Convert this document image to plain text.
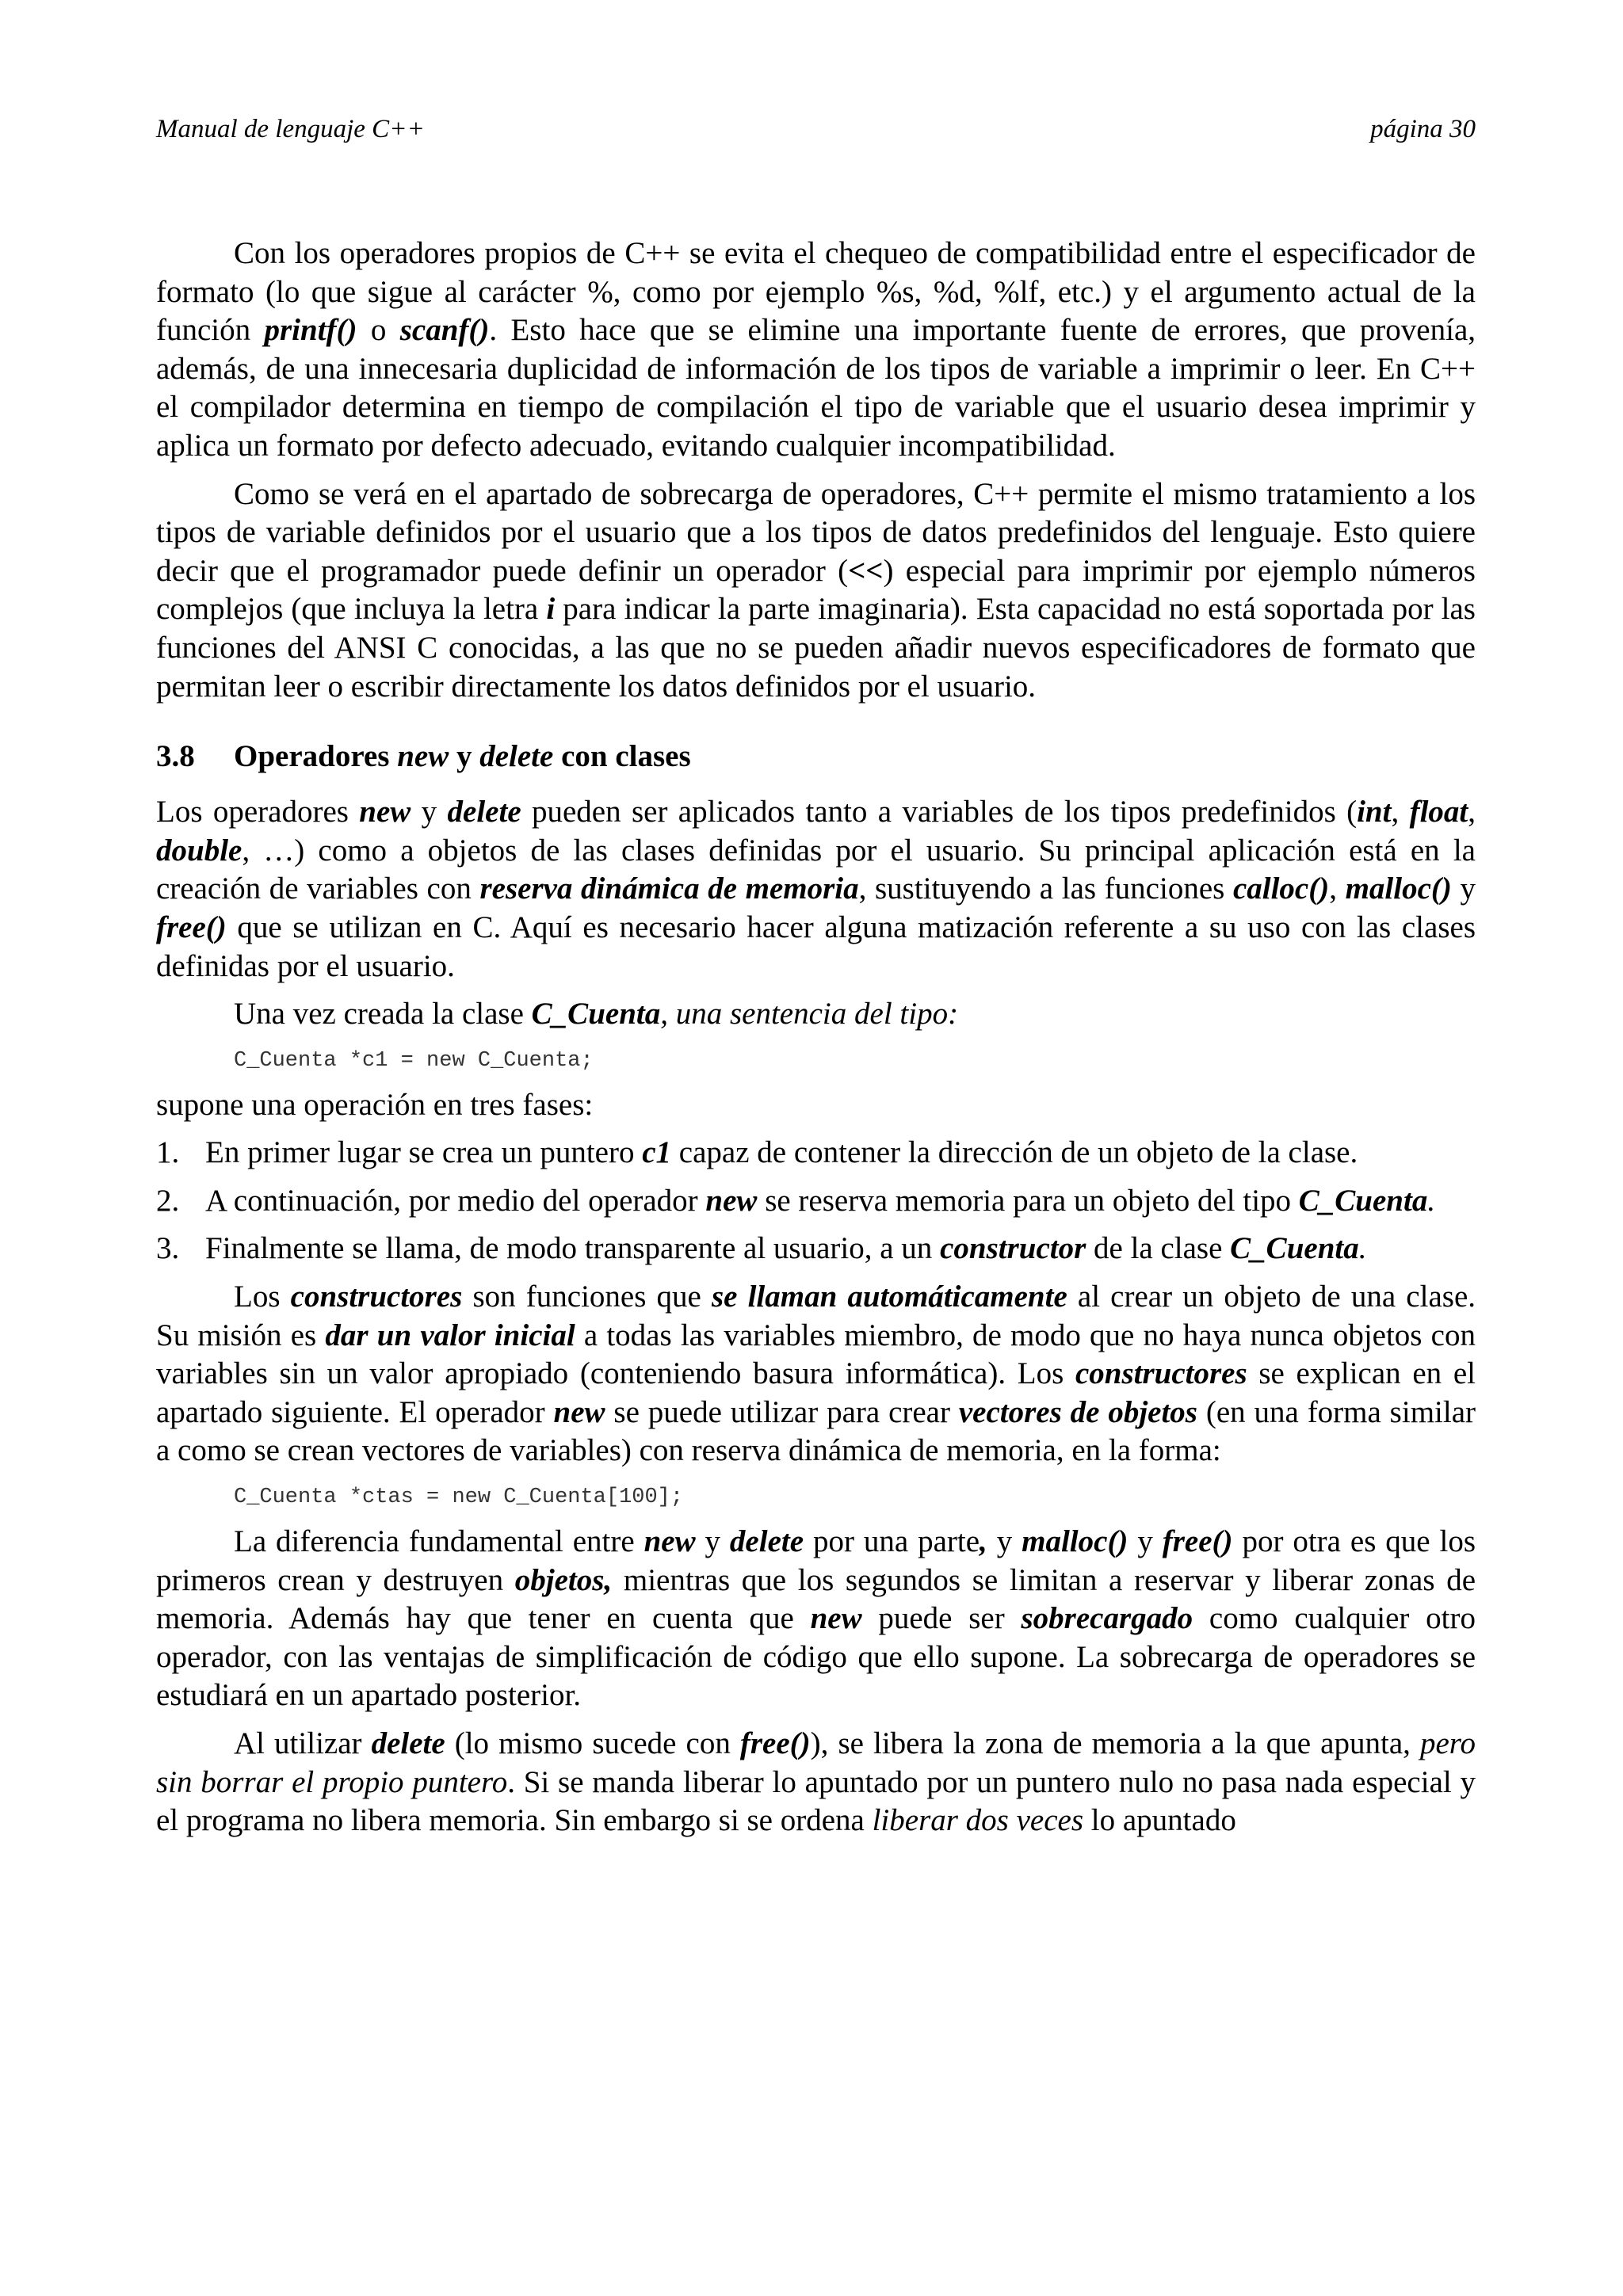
Manual de lenguaje C++	página 30

Con los operadores propios de C++ se evita el chequeo de compatibilidad entre el especificador de formato (lo que sigue al carácter %, como por ejemplo %s, %d, %lf, etc.) y el argumento actual de la función printf() o scanf(). Esto hace que se elimine una importante fuente de errores, que provenía, además, de una innecesaria duplicidad de información de los tipos de variable a imprimir o leer. En C++ el compilador determina en tiempo de compilación el tipo de variable que el usuario desea imprimir y aplica un formato por defecto adecuado, evitando cualquier incompatibilidad.

Como se verá en el apartado de sobrecarga de operadores, C++ permite el mismo tratamiento a los tipos de variable definidos por el usuario que a los tipos de datos predefinidos del lenguaje. Esto quiere decir que el programador puede definir un operador (<<) especial para imprimir por ejemplo números complejos (que incluya la letra i para indicar la parte imaginaria). Esta capacidad no está soportada por las funciones del ANSI C conocidas, a las que no se pueden añadir nuevos especificadores de formato que permitan leer o escribir directamente los datos definidos por el usuario.

3.8 Operadores new y delete con clases

Los operadores new y delete pueden ser aplicados tanto a variables de los tipos predefinidos (int, float, double, …) como a objetos de las clases definidas por el usuario. Su principal aplicación está en la creación de variables con reserva dinámica de memoria, sustituyendo a las funciones calloc(), malloc() y free() que se utilizan en C. Aquí es necesario hacer alguna matización referente a su uso con las clases definidas por el usuario.

Una vez creada la clase C_Cuenta, una sentencia del tipo:

C_Cuenta *c1 = new C_Cuenta;

supone una operación en tres fases:

1. En primer lugar se crea un puntero c1 capaz de contener la dirección de un objeto de la clase.
2. A continuación, por medio del operador new se reserva memoria para un objeto del tipo C_Cuenta.
3. Finalmente se llama, de modo transparente al usuario, a un constructor de la clase C_Cuenta.

Los constructores son funciones que se llaman automáticamente al crear un objeto de una clase. Su misión es dar un valor inicial a todas las variables miembro, de modo que no haya nunca objetos con variables sin un valor apropiado (conteniendo basura informática). Los constructores se explican en el apartado siguiente. El operador new se puede utilizar para crear vectores de objetos (en una forma similar a como se crean vectores de variables) con reserva dinámica de memoria, en la forma:

C_Cuenta *ctas = new C_Cuenta[100];

La diferencia fundamental entre new y delete por una parte, y malloc() y free() por otra es que los primeros crean y destruyen objetos, mientras que los segundos se limitan a reservar y liberar zonas de memoria. Además hay que tener en cuenta que new puede ser sobrecargado como cualquier otro operador, con las ventajas de simplificación de código que ello supone. La sobrecarga de operadores se estudiará en un apartado posterior.

Al utilizar delete (lo mismo sucede con free()), se libera la zona de memoria a la que apunta, pero sin borrar el propio puntero. Si se manda liberar lo apuntado por un puntero nulo no pasa nada especial y el programa no libera memoria. Sin embargo si se ordena liberar dos veces lo apuntado
